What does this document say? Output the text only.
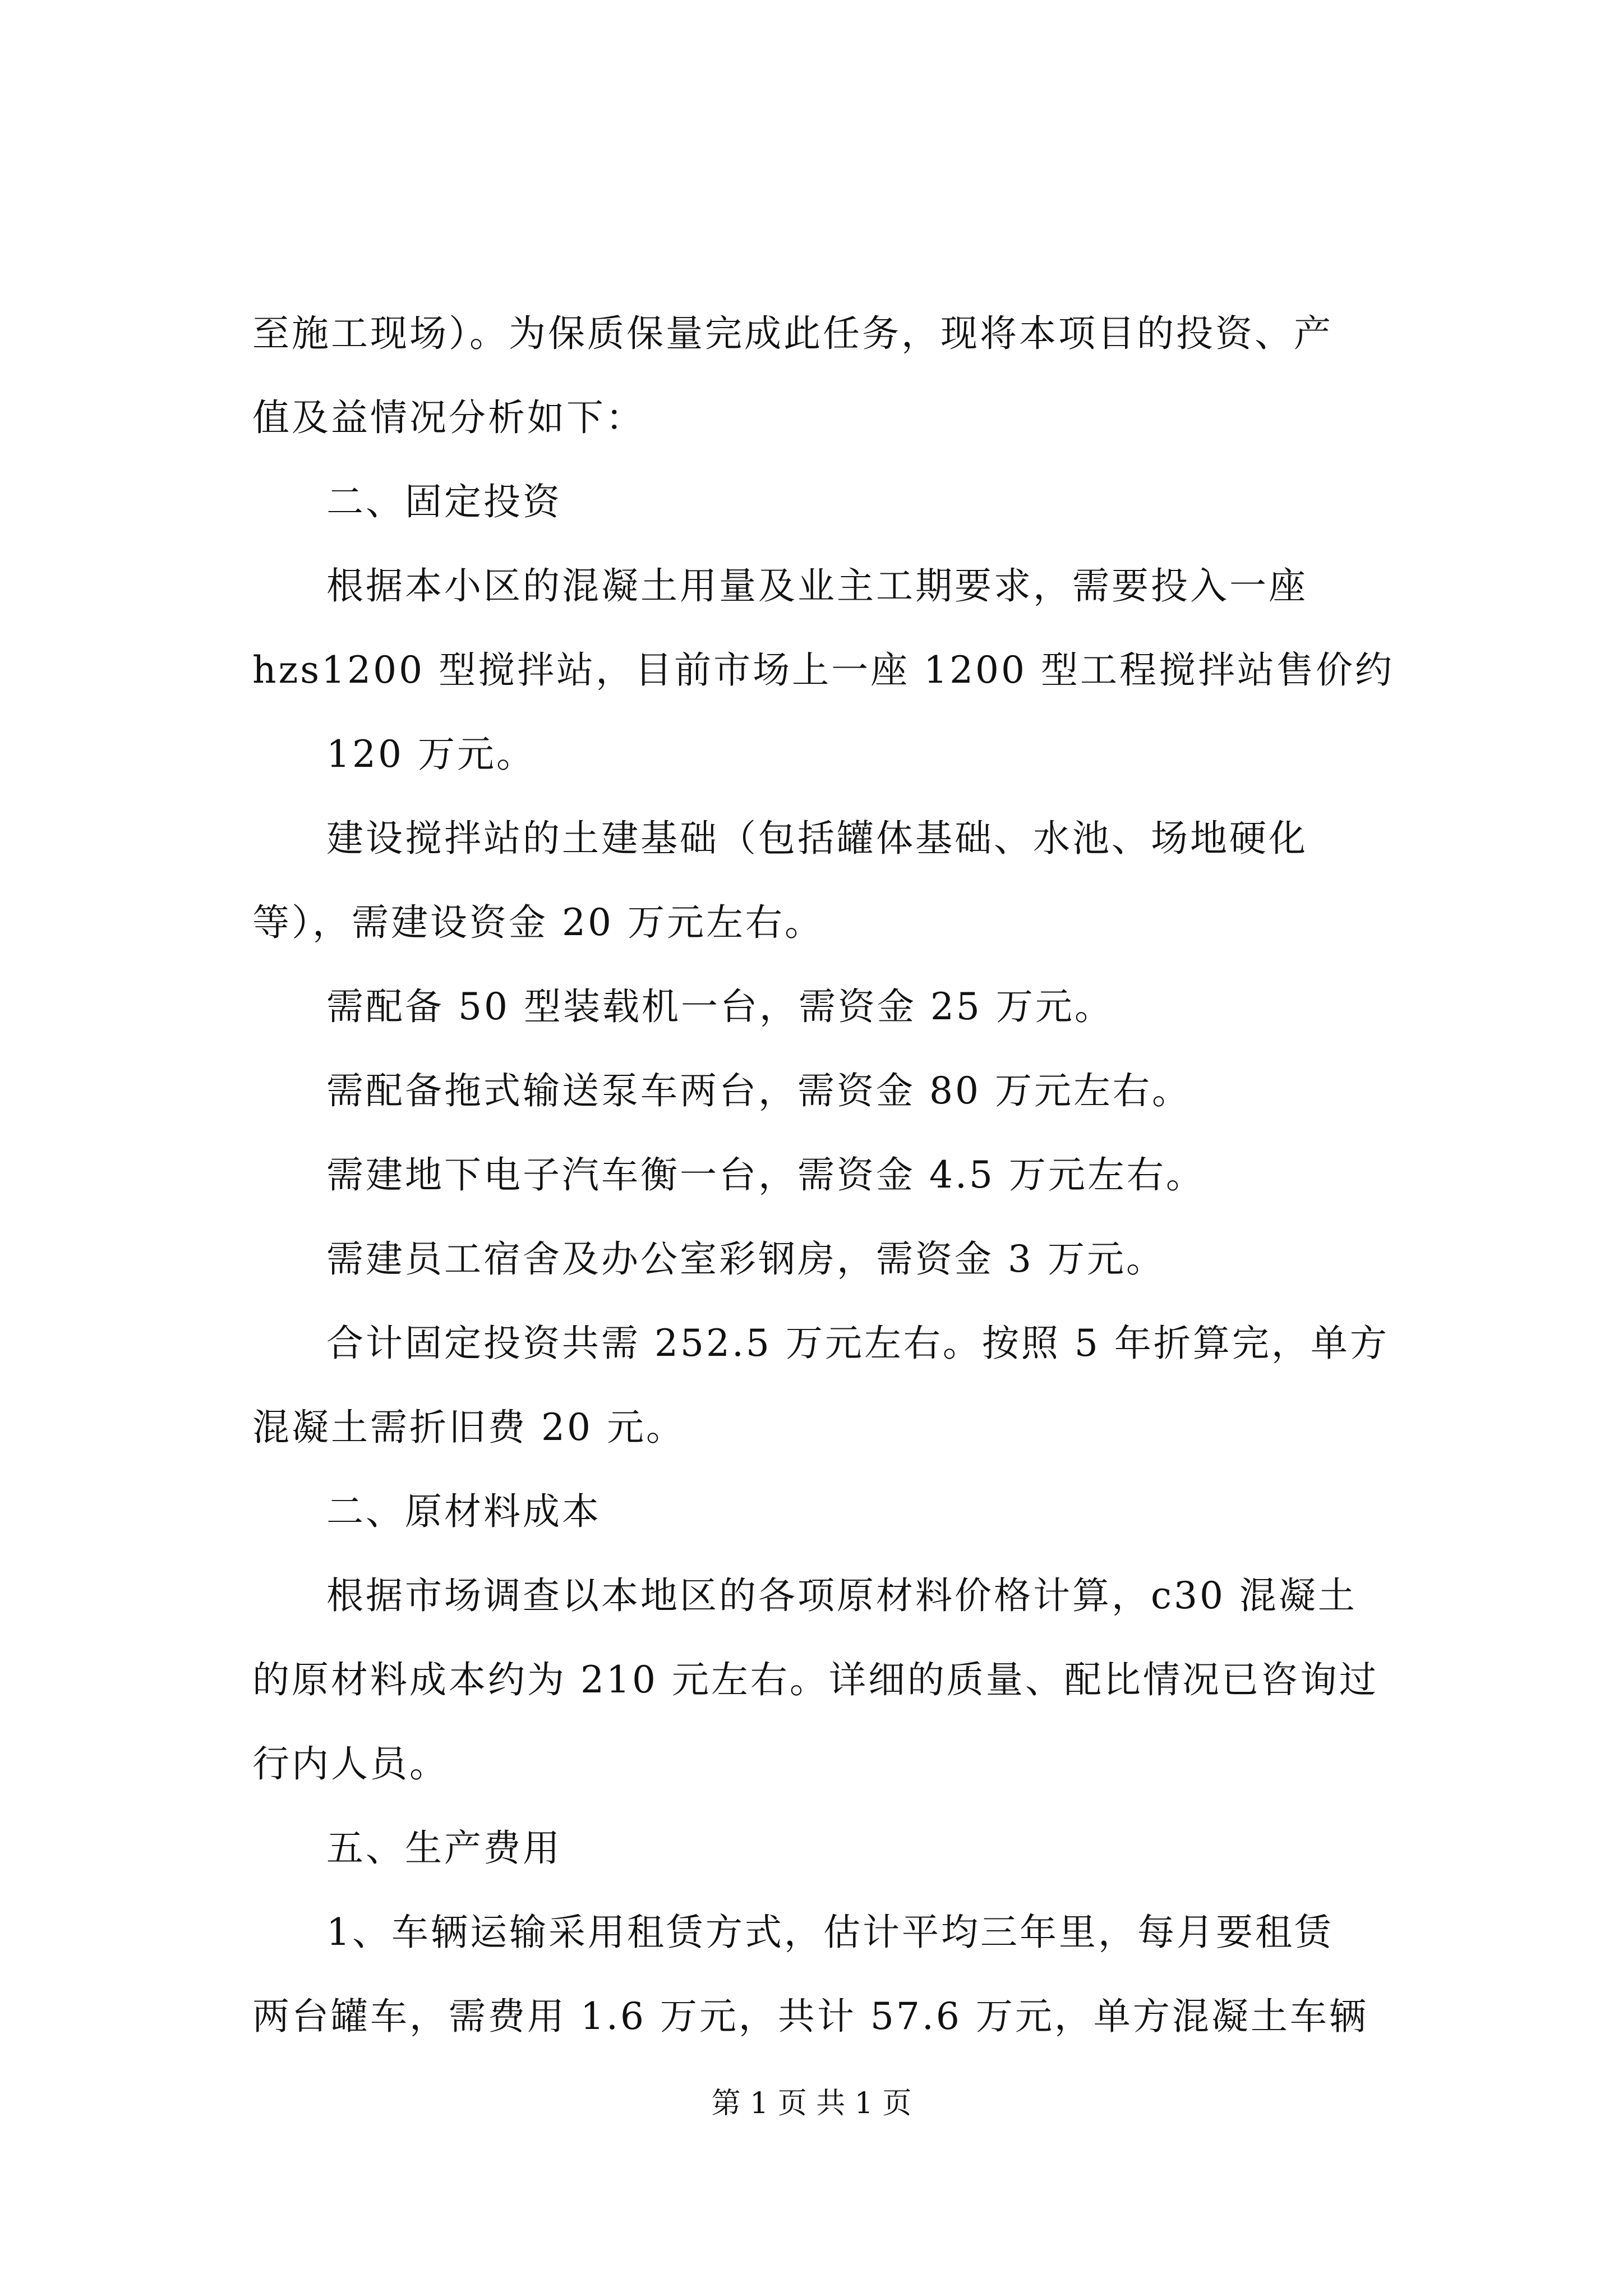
至施工现场）。为保质保量完成此任务，现将本项目的投资、产
值及益情况分析如下：
二、固定投资
根据本小区的混凝土用量及业主工期要求，需要投入一座
hzs1200 型搅拌站，目前市场上一座 1200 型工程搅拌站售价约
120 万元。
建设搅拌站的土建基础（包括罐体基础、水池、场地硬化
等），需建设资金 20 万元左右。
需配备 50 型装载机一台，需资金 25 万元。
需配备拖式输送泵车两台，需资金 80 万元左右。
需建地下电子汽车衡一台，需资金 4.5 万元左右。
需建员工宿舍及办公室彩钢房，需资金 3 万元。
合计固定投资共需 252.5 万元左右。按照 5 年折算完，单方
混凝土需折旧费 20 元。
二、原材料成本
根据市场调查以本地区的各项原材料价格计算，c30 混凝土
的原材料成本约为 210 元左右。详细的质量、配比情况已咨询过
行内人员。
五、生产费用
1、车辆运输采用租赁方式，估计平均三年里，每月要租赁
两台罐车，需费用 1.6 万元，共计 57.6 万元，单方混凝土车辆
第 1 页 共 1 页
